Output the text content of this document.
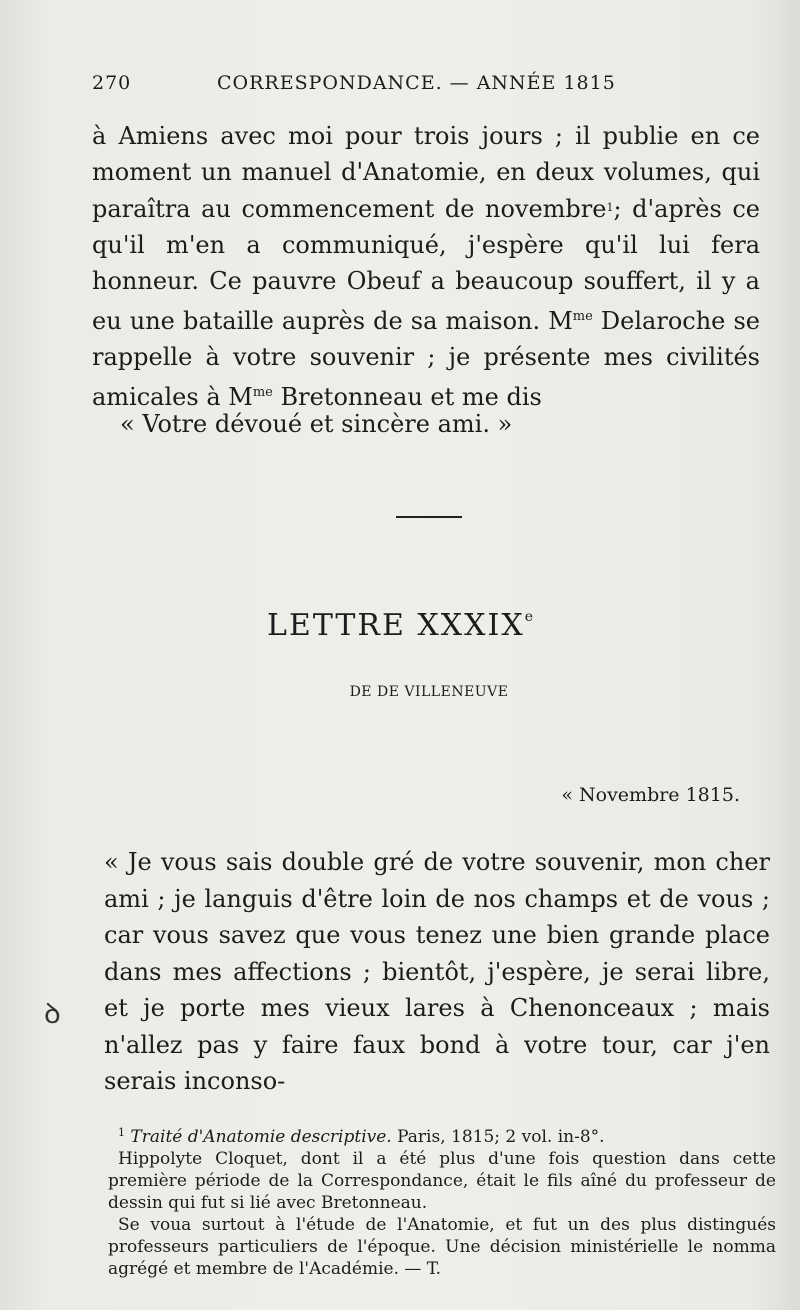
270	CORRESPONDANCE. — ANNÉE 1815

à Amiens avec moi pour trois jours ; il publie en ce moment un manuel d'Anatomie, en deux volumes, qui paraîtra au commencement de novembre$^1$; d'après ce qu'il m'en a communiqué, j'espère qu'il lui fera honneur. Ce pauvre Obeuf a beaucoup souffert, il y a eu une bataille auprès de sa maison. $M^{me}$ Delaroche se rappelle à votre souvenir ; je présente mes civilités amicales à $M^{me}$ Bretonneau et me dis

« Votre dévoué et sincère ami. »
LETTRE XXXIXe
DE DE VILLENEUVE
« Novembre 1815.

« Je vous sais double gré de votre souvenir, mon cher ami ; je languis d'être loin de nos champs et de vous ; car vous savez que vous tenez une bien grande place dans mes affections ; bientôt, j'espère, je serai libre, et je porte mes vieux lares à Chenonceaux ; mais n'allez pas y faire faux bond à votre tour, car j'en serais inconso-

ꝺ

$^1$ Traité d'Anatomie descriptive. Paris, 1815; 2 vol. in-8°.

Hippolyte Cloquet, dont il a été plus d'une fois question dans cette première période de la Correspondance, était le fils aîné du professeur de dessin qui fut si lié avec Bretonneau.

Se voua surtout à l'étude de l'Anatomie, et fut un des plus distingués professeurs particuliers de l'époque. Une décision ministérielle le nomma agrégé et membre de l'Académie. — T.
